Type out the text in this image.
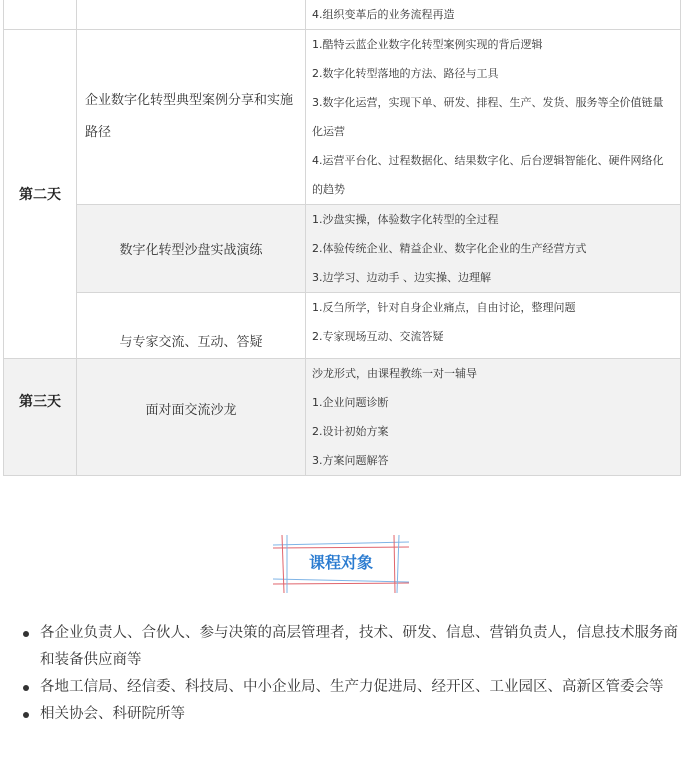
		4.组织变革后的业务流程再造

第二天	企业数字化转型典型案例分享和实施路径	1.酷特云蓝企业数字化转型案例实现的背后逻辑
2.数字化转型落地的方法、路径与工具
3.数字化运营，实现下单、研发、排程、生产、发货、服务等全价值链量化运营
4.运营平台化、过程数据化、结果数字化、后台逻辑智能化、硬件网络化的趋势

	数字化转型沙盘实战演练	1.沙盘实操，体验数字化转型的全过程
2.体验传统企业、精益企业、数字化企业的生产经营方式
3.边学习、边动手 、边实操、边理解

	与专家交流、互动、答疑	1.反刍所学，针对自身企业痛点，自由讨论，整理问题
2.专家现场互动、交流答疑

第三天	面对面交流沙龙	沙龙形式，由课程教练一对一辅导
1.企业问题诊断
2.设计初始方案
3.方案问题解答
课程对象
各企业负责人、合伙人、参与决策的高层管理者，技术、研发、信息、营销负责人，信息技术服务商和装备供应商等
各地工信局、经信委、科技局、中小企业局、生产力促进局、经开区、工业园区、高新区管委会等
相关协会、科研院所等
